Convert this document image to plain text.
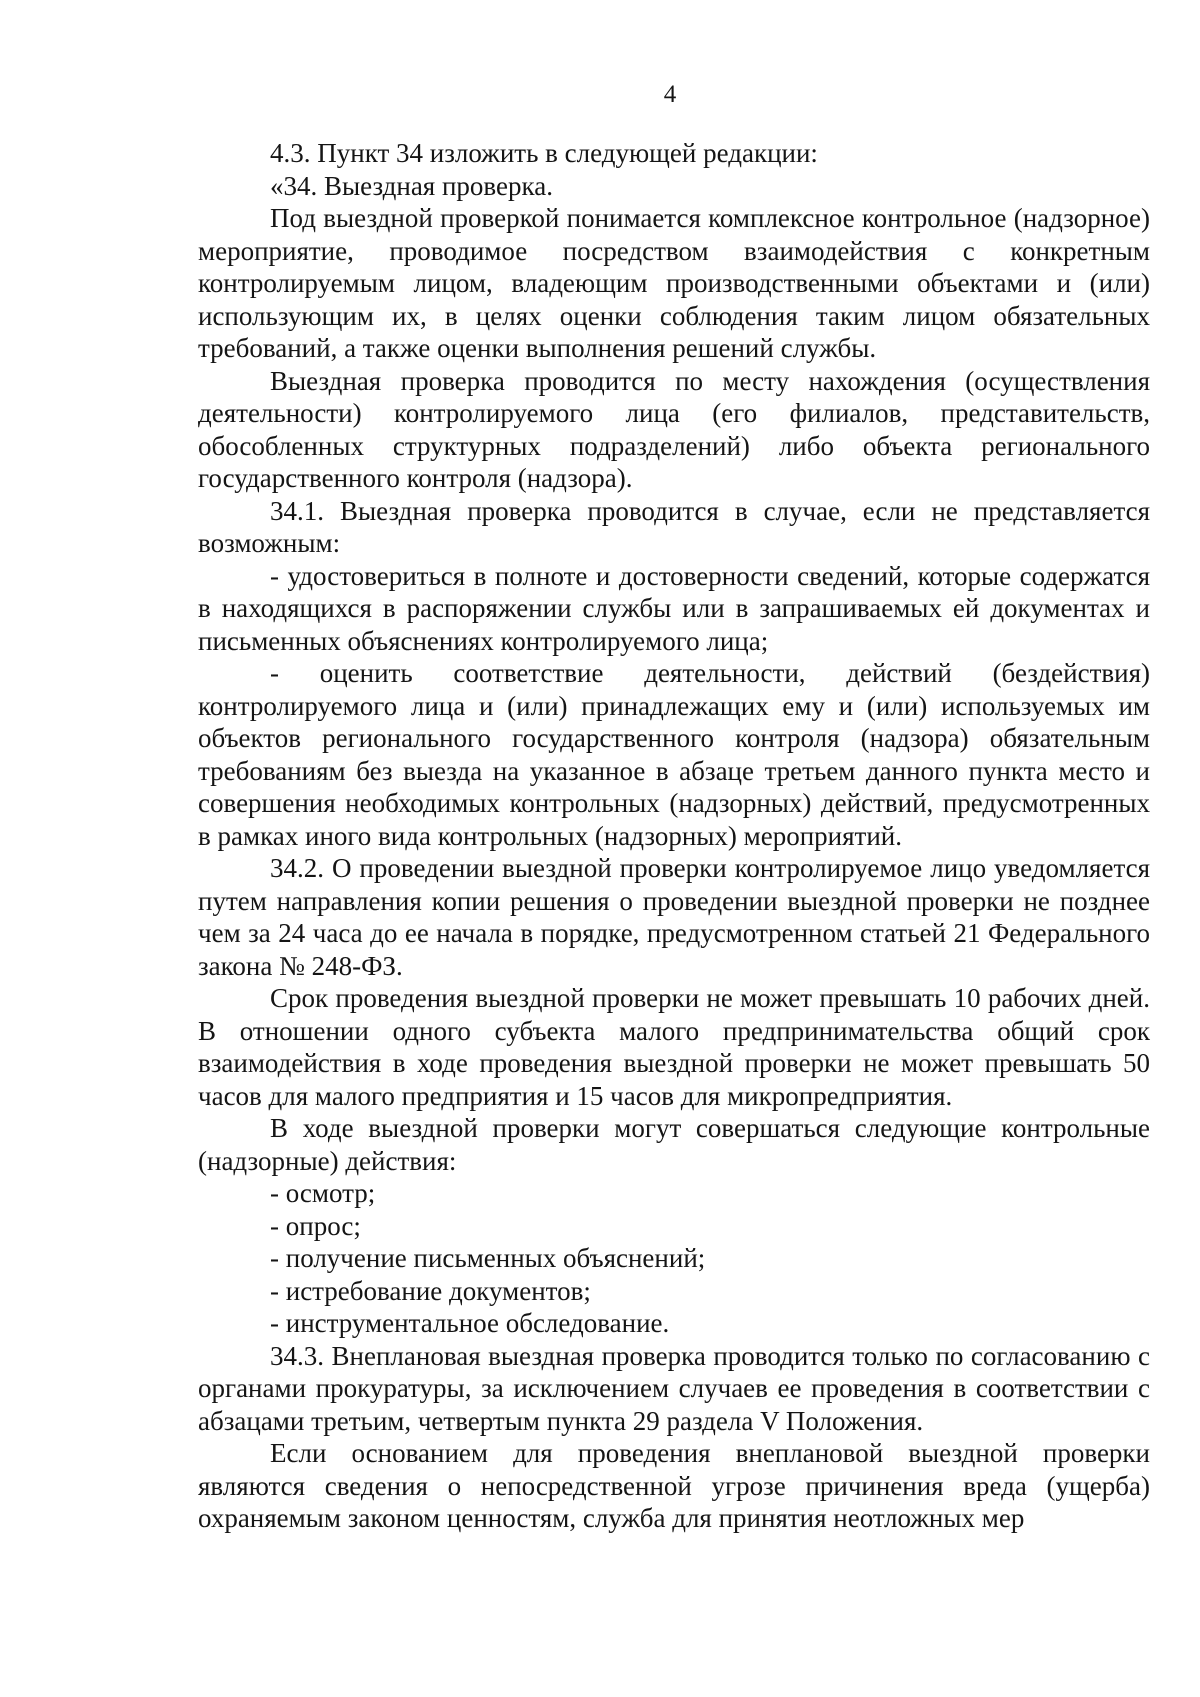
4

4.3. Пункт 34 изложить в следующей редакции:

«34. Выездная проверка.

Под выездной проверкой понимается комплексное контрольное (надзорное) мероприятие, проводимое посредством взаимодействия с конкретным контролируемым лицом, владеющим производственными объектами и (или) использующим их, в целях оценки соблюдения таким лицом обязательных требований, а также оценки выполнения решений службы.

Выездная проверка проводится по месту нахождения (осуществления деятельности) контролируемого лица (его филиалов, представительств, обособленных структурных подразделений) либо объекта регионального государственного контроля (надзора).

34.1. Выездная проверка проводится в случае, если не представляется возможным:

- удостовериться в полноте и достоверности сведений, которые содержатся в находящихся в распоряжении службы или в запрашиваемых ей документах и письменных объяснениях контролируемого лица;

- оценить соответствие деятельности, действий (бездействия) контролируемого лица и (или) принадлежащих ему и (или) используемых им объектов регионального государственного контроля (надзора) обязательным требованиям без выезда на указанное в абзаце третьем данного пункта место и совершения необходимых контрольных (надзорных) действий, предусмотренных в рамках иного вида контрольных (надзорных) мероприятий.

34.2. О проведении выездной проверки контролируемое лицо уведомляется путем направления копии решения о проведении выездной проверки не позднее чем за 24 часа до ее начала в порядке, предусмотренном статьей 21 Федерального закона № 248-ФЗ.

Срок проведения выездной проверки не может превышать 10 рабочих дней. В отношении одного субъекта малого предпринимательства общий срок взаимодействия в ходе проведения выездной проверки не может превышать 50 часов для малого предприятия и 15 часов для микропредприятия.

В ходе выездной проверки могут совершаться следующие контрольные (надзорные) действия:

- осмотр;

- опрос;

- получение письменных объяснений;

- истребование документов;

- инструментальное обследование.

34.3. Внеплановая выездная проверка проводится только по согласованию с органами прокуратуры, за исключением случаев ее проведения в соответствии с абзацами третьим, четвертым пункта 29 раздела V Положения.

Если основанием для проведения внеплановой выездной проверки являются сведения о непосредственной угрозе причинения вреда (ущерба) охраняемым законом ценностям, служба для принятия неотложных мер
